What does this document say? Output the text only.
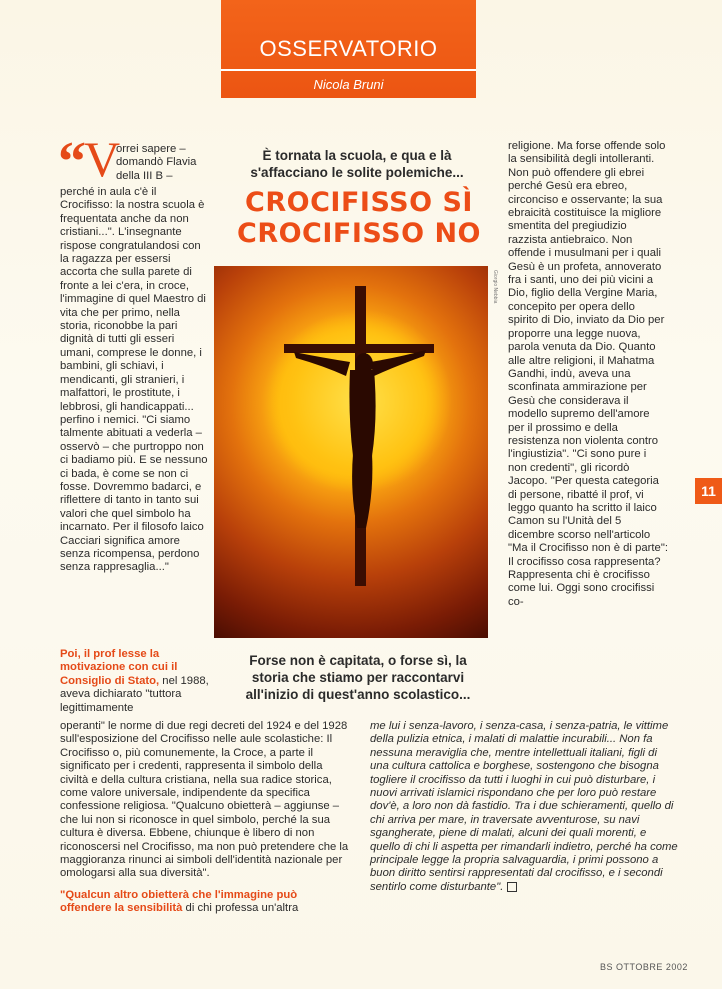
OSSERVATORIO
Nicola Bruni
“
V
orrei sapere – domandò Flavia della III B –

perché in aula c'è il Crocifisso: la nostra scuola è frequentata anche da non cristiani...". L'insegnante rispose congratulandosi con la ragazza per essersi accorta che sulla parete di fronte a lei c'era, in croce, l'immagine di quel Maestro di vita che per primo, nella storia, riconobbe la pari dignità di tutti gli esseri umani, comprese le donne, i bambini, gli schiavi, i mendicanti, gli stranieri, i malfattori, le prostitute, i lebbrosi, gli handicappati... perfino i nemici. "Ci siamo talmente abituati a vederla – osservò – che purtroppo non ci badiamo più. E se nessuno ci bada, è come se non ci fosse. Dovremmo badarci, e riflettere di tanto in tanto sui valori che quel simbolo ha incarnato. Per il filosofo laico Cacciari significa amore senza ricompensa, perdono senza rappresaglia..."

È tornata la scuola, e qua e là s'affacciano le solite polemiche...
CROCIFISSO SÌ
CROCIFISSO NO
Giorgio Nebbia
Forse non è capitata, o forse sì, la storia che stiamo per raccontarvi all'inizio di quest'anno scolastico...

religione. Ma forse offende solo la sensibilità degli intolleranti. Non può offendere gli ebrei perché Gesù era ebreo, circonciso e osservante; la sua ebraicità costituisce la migliore smentita del pregiudizio razzista antiebraico. Non offende i musulmani per i quali Gesù è un profeta, annoverato fra i santi, uno dei più vicini a Dio, figlio della Vergine Maria, concepito per opera dello spirito di Dio, inviato da Dio per proporre una legge nuova, parola venuta da Dio. Quanto alle altre religioni, il Mahatma Gandhi, indù, aveva una sconfinata ammirazione per Gesù che considerava il modello supremo dell'amore per il prossimo e della resistenza non violenta contro l'ingiustizia". "Ci sono pure i non credenti", gli ricordò Jacopo. "Per questa categoria di persone, ribatté il prof, vi leggo quanto ha scritto il laico Camon su l'Unità del 5 dicembre scorso nell'articolo "Ma il Crocifisso non è di parte": Il crocifisso cosa rappresenta? Rappresenta chi è crocifisso come lui. Oggi sono crocifissi co-

Poi, il prof lesse la motivazione con cui il Consiglio di Stato, nel 1988, aveva dichiarato "tuttora legittimamente

operanti" le norme di due regi decreti del 1924 e del 1928 sull'esposizione del Crocifisso nelle aule scolastiche: Il Crocifisso o, più comunemente, la Croce, a parte il significato per i credenti, rappresenta il simbolo della civiltà e della cultura cristiana, nella sua radice storica, come valore universale, indipendente da specifica confessione religiosa. "Qualcuno obietterà – aggiunse – che lui non si riconosce in quel simbolo, perché la sua cultura è diversa. Ebbene, chiunque è libero di non riconoscersi nel Crocifisso, ma non può pretendere che la maggioranza rinunci ai simboli dell'identità nazionale per omologarsi alla sua diversità".

"Qualcun altro obietterà che l'immagine può offendere la sensibilità di chi professa un'altra

me lui i senza-lavoro, i senza-casa, i senza-patria, le vittime della pulizia etnica, i malati di malattie incurabili... Non fa nessuna meraviglia che, mentre intellettuali italiani, figli di una cultura cattolica e borghese, sostengono che bisogna togliere il crocifisso da tutti i luoghi in cui può disturbare, i nuovi arrivati islamici rispondano che per loro può restare dov'è, a loro non dà fastidio. Tra i due schieramenti, quello di chi arriva per mare, in traversate avventurose, su navi sgangherate, piene di malati, alcuni dei quali morenti, e quello di chi li aspetta per rimandarli indietro, perché ha come principale legge la propria salvaguardia, i primi possono a buon diritto sentirsi rappresentati dal crocifisso, e i secondi sentirlo come disturbante".

11
BS OTTOBRE 2002
